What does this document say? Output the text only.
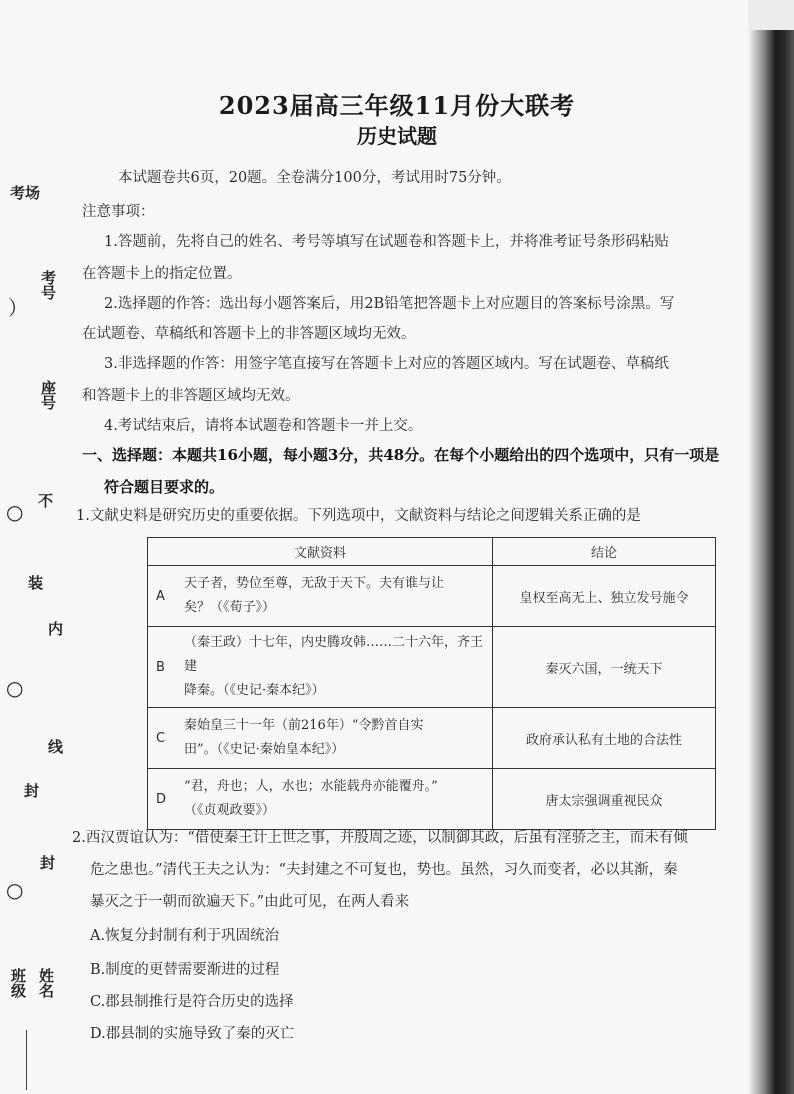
考场
考号
）
座号
不
○
装
内
○
线
封
封
○
班级 姓名
2023届高三年级11月份大联考
历史试题
本试题卷共6页，20题。全卷满分100分，考试用时75分钟。
注意事项：
1.答题前，先将自己的姓名、考号等填写在试题卷和答题卡上，并将准考证号条形码粘贴
在答题卡上的指定位置。
2.选择题的作答：选出每小题答案后，用2B铅笔把答题卡上对应题目的答案标号涂黑。写
在试题卷、草稿纸和答题卡上的非答题区域均无效。
3.非选择题的作答：用签字笔直接写在答题卡上对应的答题区域内。写在试题卷、草稿纸
和答题卡上的非答题区域均无效。
4.考试结束后，请将本试题卷和答题卡一并上交。
一、选择题：本题共16小题，每小题3分，共48分。在每个小题给出的四个选项中，只有一项是
符合题目要求的。
1.文献史料是研究历史的重要依据。下列选项中，文献资料与结论之间逻辑关系正确的是
文献资料		结论
A	天子者，势位至尊，无敌于天下。夫有谁与让
矣？（《荀子》）	皇权至高无上、独立发号施令
B	（秦王政）十七年，内史腾攻韩……二十六年，齐王建
降秦。（《史记·秦本纪》）	秦灭六国，一统天下
C	秦始皇三十一年（前216年）“令黔首自实
田”。（《史记·秦始皇本纪》）	政府承认私有土地的合法性
D	“君，舟也；人，水也；水能载舟亦能覆舟。”
（《贞观政要》）	唐太宗强调重视民众
2.西汉贾谊认为：“借使秦王计上世之事，并殷周之迹，以制御其政，后虽有淫骄之主，而未有倾
危之患也。”清代王夫之认为：“夫封建之不可复也，势也。虽然，习久而变者，必以其渐，秦
暴灭之于一朝而欲遍天下。”由此可见，在两人看来
A.恢复分封制有利于巩固统治
B.制度的更替需要渐进的过程
C.郡县制推行是符合历史的选择
D.郡县制的实施导致了秦的灭亡
